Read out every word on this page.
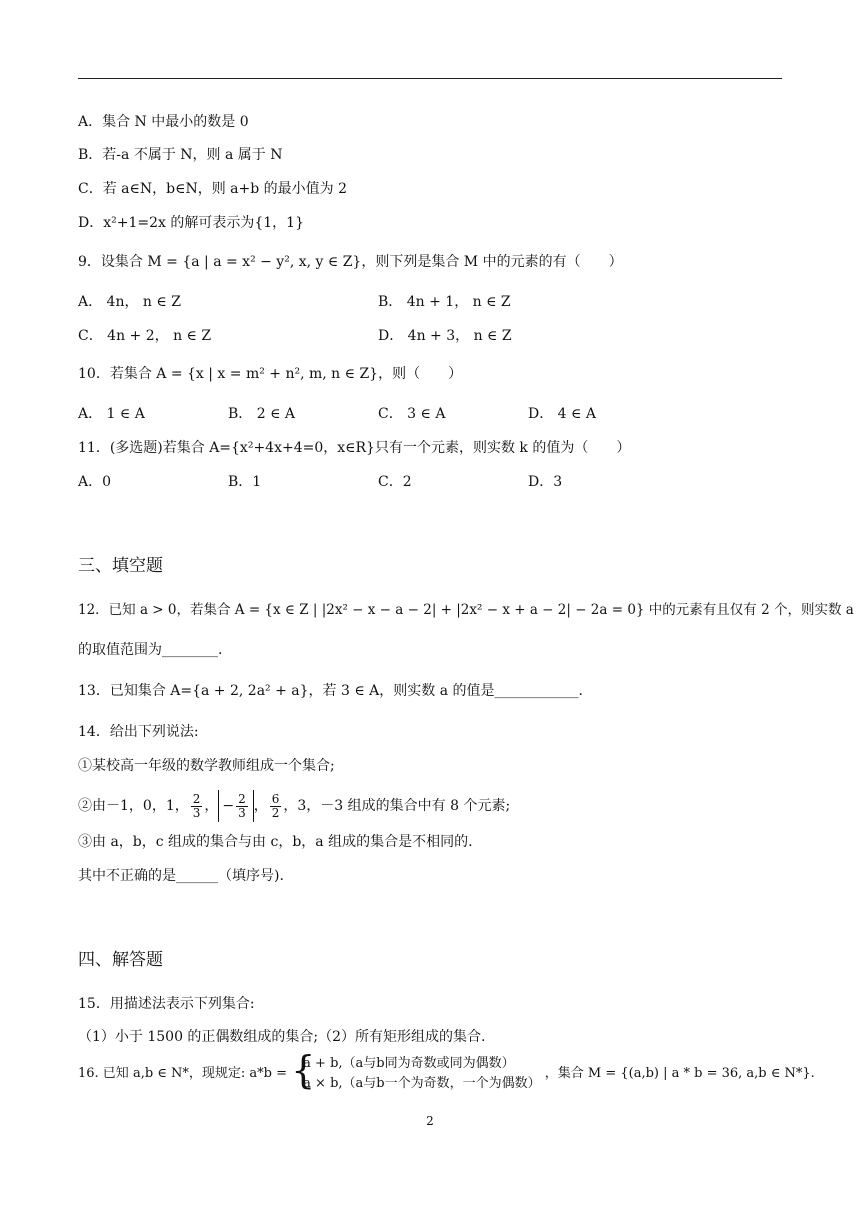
A．集合 N 中最小的数是 0
B．若-a 不属于 N，则 a 属于 N
C．若 a∈N，b∈N，则 a+b 的最小值为 2
D．x²+1=2x 的解可表示为{1，1}
9．设集合 M = {a | a = x² − y², x, y ∈ Z}，则下列是集合 M 中的元素的有（　　）
A． 4n， n ∈ Z	B． 4n + 1， n ∈ Z
C． 4n + 2， n ∈ Z	D． 4n + 3， n ∈ Z
10．若集合 A = {x | x = m² + n², m, n ∈ Z}，则（　　）
A． 1 ∈ A	B． 2 ∈ A	C． 3 ∈ A	D． 4 ∈ A
11．(多选题)若集合 A={x²+4x+4=0，x∈R}只有一个元素，则实数 k 的值为（　　）
A．0	B．1	C．2	D．3
三、填空题
12．已知 a > 0，若集合 A = {x ∈ Z | |2x² − x − a − 2| + |2x² − x + a − 2| − 2a = 0} 中的元素有且仅有 2 个，则实数 a
的取值范围为________.
13．已知集合 A={a + 2, 2a² + a}，若 3 ∈ A，则实数 a 的值是____________.
14．给出下列说法:
①某校高一年级的数学教师组成一个集合;
②由－1，0，1， $\frac{2}{3}$ ， − $\frac{2}{3}$ ， $\frac{6}{2}$ ，3，－3 组成的集合中有 8 个元素;
③由 a，b，c 组成的集合与由 c，b，a 组成的集合是不相同的.
其中不正确的是______（填序号).
四、解答题
15．用描述法表示下列集合:
（1）小于 1500 的正偶数组成的集合;（2）所有矩形组成的集合.
16. 已知 a,b ∈ N*，现规定: a*b = {
a + b,（a与b同为奇数或同为偶数）
a × b,（a与b一个为奇数，一个为偶数）
，集合 M = {(a,b) | a * b = 36, a,b ∈ N*}.
2
